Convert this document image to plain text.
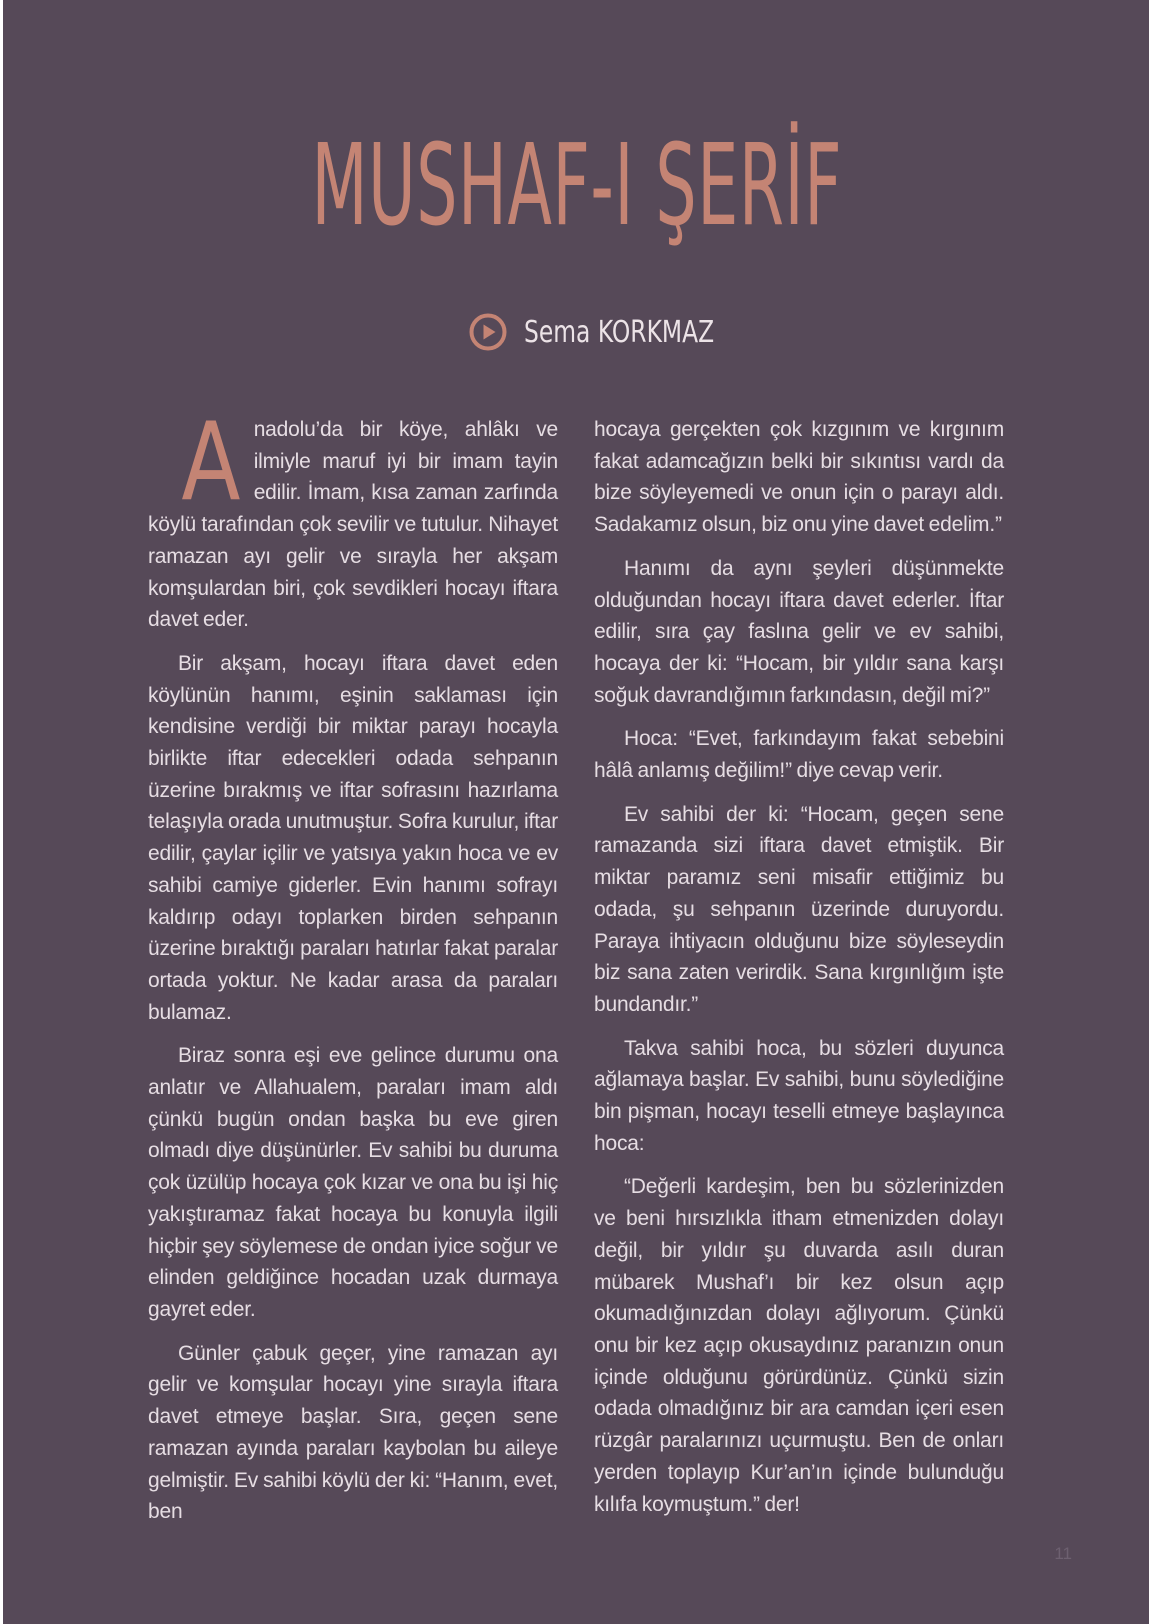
MUSHAF-I ŞERİF
Sema KORKMAZ

Anadolu’da bir köye, ahlâkı ve ilmiyle maruf iyi bir imam tayin edilir. İmam, kısa zaman zarfında köylü tarafından çok sevilir ve tutulur. Nihayet ramazan ayı gelir ve sırayla her akşam komşulardan biri, çok sevdikleri hocayı iftara davet eder.

Bir akşam, hocayı iftara davet eden köylünün hanımı, eşinin saklaması için kendisine verdiği bir miktar parayı hocayla birlikte iftar edecekleri odada sehpanın üzerine bırakmış ve iftar sofrasını hazırlama telaşıyla orada unutmuştur. Sofra kurulur, iftar edilir, çaylar içilir ve yatsıya yakın hoca ve ev sahibi camiye giderler. Evin hanımı sofrayı kaldırıp odayı toplarken birden sehpanın üzerine bıraktığı paraları hatırlar fakat paralar ortada yoktur. Ne kadar arasa da paraları bulamaz.

Biraz sonra eşi eve gelince durumu ona anlatır ve Allahualem, paraları imam aldı çünkü bugün ondan başka bu eve giren olmadı diye düşünürler. Ev sahibi bu duruma çok üzülüp hocaya çok kızar ve ona bu işi hiç yakıştıramaz fakat hocaya bu konuyla ilgili hiçbir şey söylemese de ondan iyice soğur ve elinden geldiğince hocadan uzak durmaya gayret eder.

Günler çabuk geçer, yine ramazan ayı gelir ve komşular hocayı yine sırayla iftara davet etmeye başlar. Sıra, geçen sene ramazan ayında paraları kaybolan bu aileye gelmiştir. Ev sahibi köylü der ki: “Hanım, evet, ben

hocaya gerçekten çok kızgınım ve kırgınım fakat adamcağızın belki bir sıkıntısı vardı da bize söyleyemedi ve onun için o parayı aldı. Sadakamız olsun, biz onu yine davet edelim.”

Hanımı da aynı şeyleri düşünmekte olduğundan hocayı iftara davet ederler. İftar edilir, sıra çay faslına gelir ve ev sahibi, hocaya der ki: “Hocam, bir yıldır sana karşı soğuk davrandığımın farkındasın, değil mi?”

Hoca: “Evet, farkındayım fakat sebebini hâlâ anlamış değilim!” diye cevap verir.

Ev sahibi der ki: “Hocam, geçen sene ramazanda sizi iftara davet etmiştik. Bir miktar paramız seni misafir ettiğimiz bu odada, şu sehpanın üzerinde duruyordu. Paraya ihtiyacın olduğunu bize söyleseydin biz sana zaten verirdik. Sana kırgınlığım işte bundandır.”

Takva sahibi hoca, bu sözleri duyunca ağlamaya başlar. Ev sahibi, bunu söylediğine bin pişman, hocayı teselli etmeye başlayınca hoca:

“Değerli kardeşim, ben bu sözlerinizden ve beni hırsızlıkla itham etmenizden dolayı değil, bir yıldır şu duvarda asılı duran mübarek Mushaf’ı bir kez olsun açıp okumadığınızdan dolayı ağlıyorum. Çünkü onu bir kez açıp okusaydınız paranızın onun içinde olduğunu görürdünüz. Çünkü sizin odada olmadığınız bir ara camdan içeri esen rüzgâr paralarınızı uçurmuştu. Ben de onları yerden toplayıp Kur’an’ın içinde bulunduğu kılıfa koymuştum.” der!

11
